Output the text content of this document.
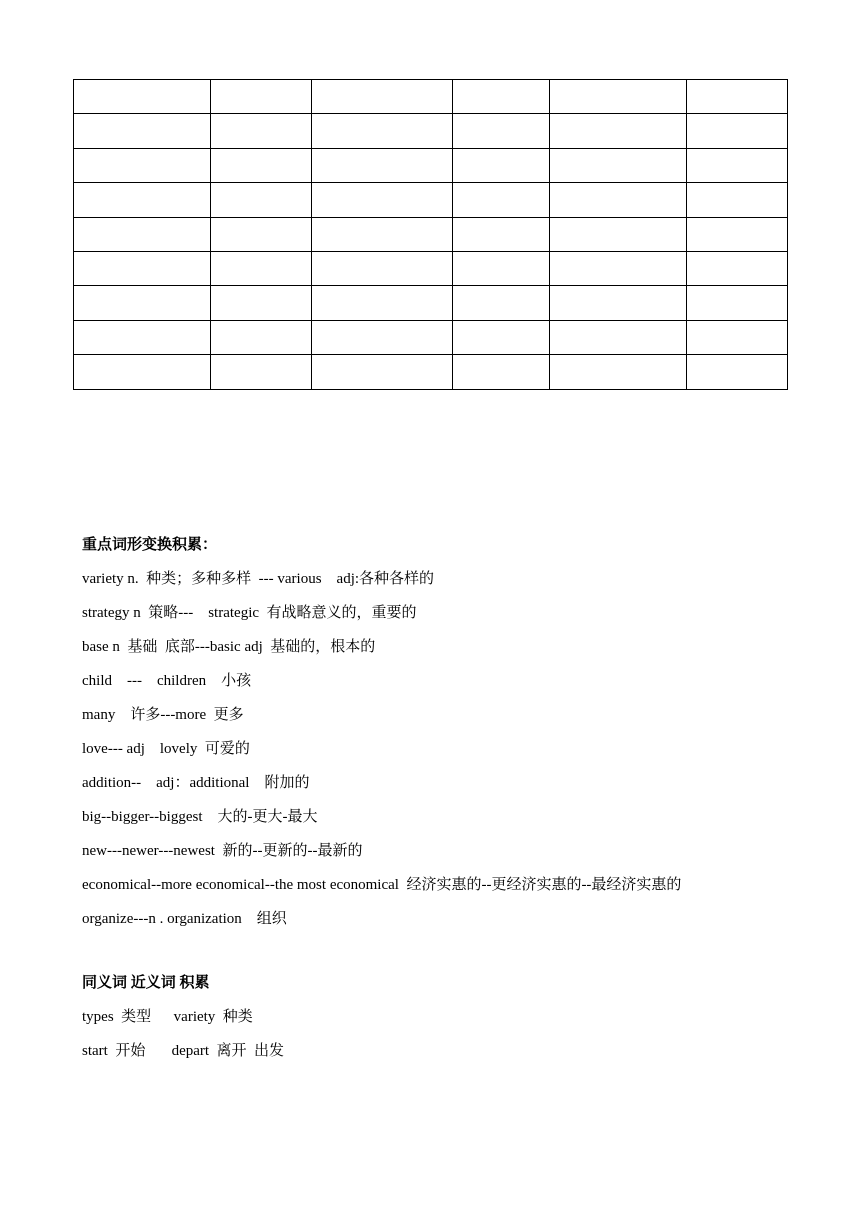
重点词形变换积累：
variety n.  种类；多种多样  --- various    adj:各种各样的
strategy n  策略---    strategic  有战略意义的，重要的
base n  基础  底部---basic adj  基础的，根本的
child    ---    children    小孩
many    许多---more  更多
love--- adj    lovely  可爱的
addition--    adj：additional    附加的
big--bigger--biggest    大的-更大-最大
new---newer---newest  新的--更新的--最新的
economical--more economical--the most economical  经济实惠的--更经济实惠的--最经济实惠的
organize---n . organization    组织
同义词 近义词 积累
types  类型      variety  种类
start  开始       depart  离开  出发
